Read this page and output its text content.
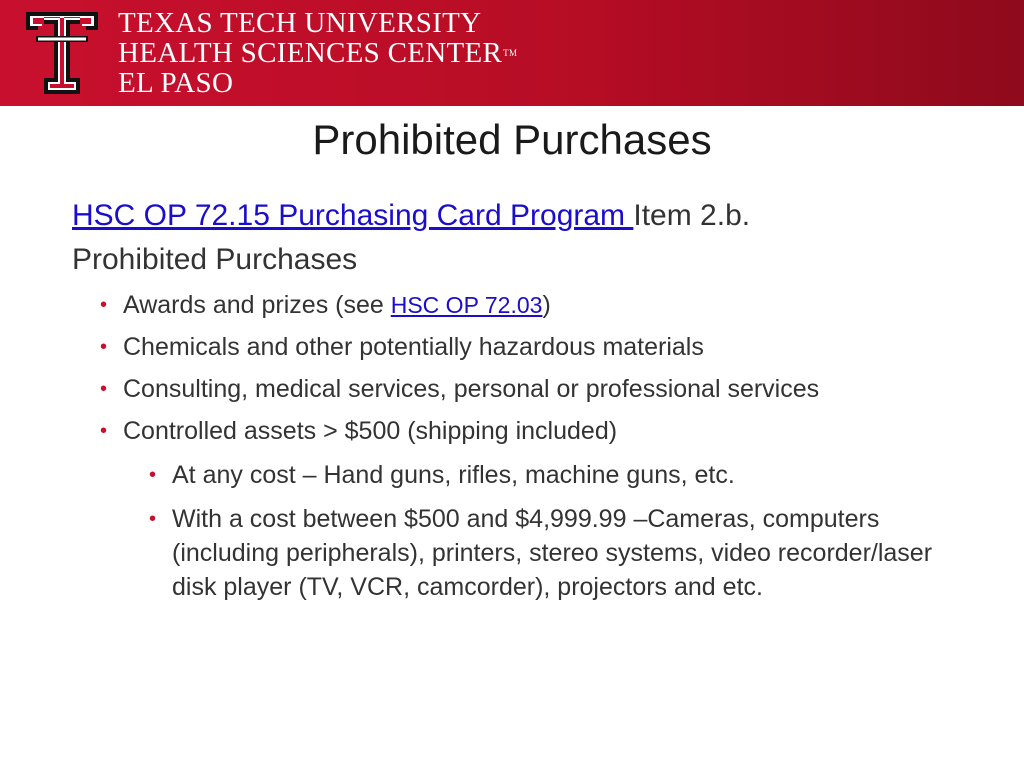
TEXAS TECH UNIVERSITY
HEALTH SCIENCES CENTER™
EL PASO
Prohibited Purchases
HSC OP 72.15 Purchasing Card Program Item 2.b.
Prohibited Purchases
• Awards and prizes (see HSC OP 72.03)
• Chemicals and other potentially hazardous materials
• Consulting, medical services, personal or professional services
• Controlled assets > $500 (shipping included)
• At any cost – Hand guns, rifles, machine guns, etc.
• With a cost between $500 and $4,999.99 –Cameras, computers (including peripherals), printers, stereo systems, video recorder/laser disk player (TV, VCR, camcorder), projectors and etc.
